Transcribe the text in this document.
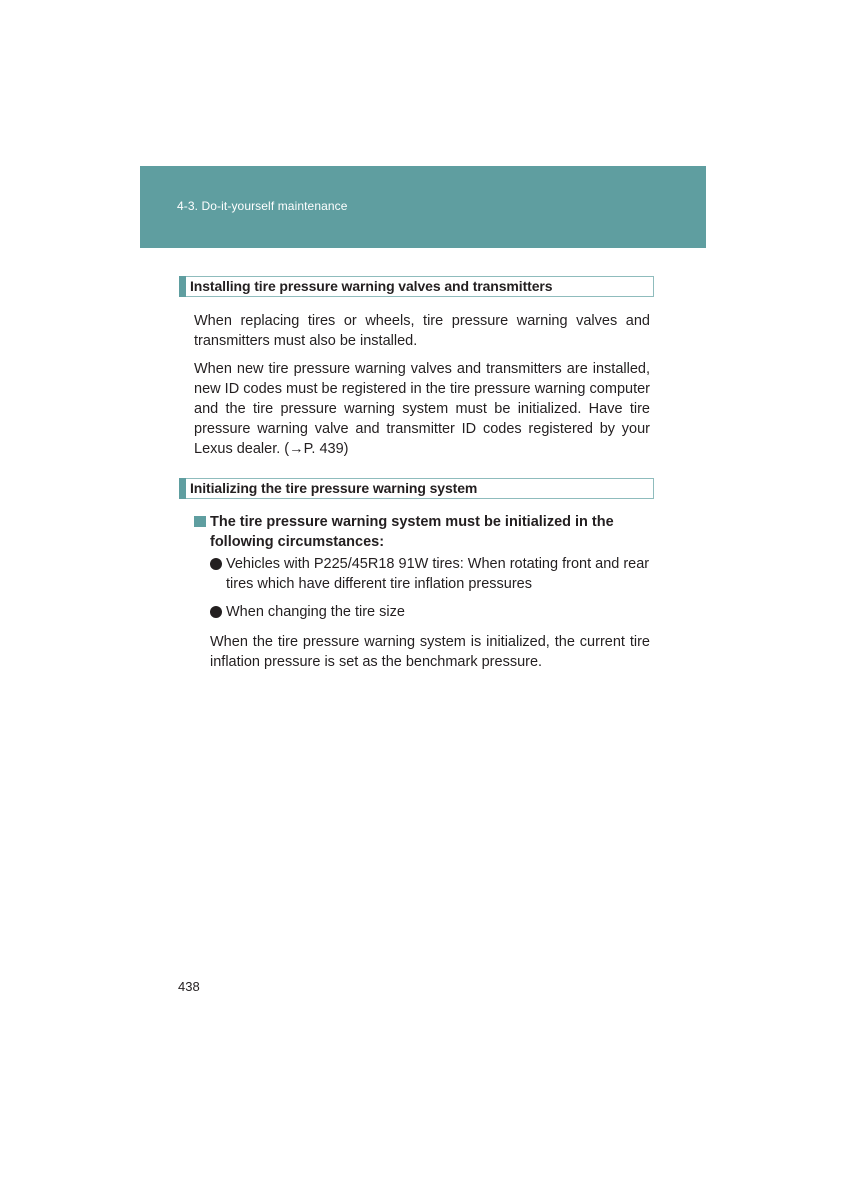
4-3. Do-it-yourself maintenance
Installing tire pressure warning valves and transmitters

When replacing tires or wheels, tire pressure warning valves and transmitters must also be installed.

When new tire pressure warning valves and transmitters are installed, new ID codes must be registered in the tire pressure warning computer and the tire pressure warning system must be initialized. Have tire pressure warning valve and transmitter ID codes registered by your Lexus dealer. (→P. 439)

Initializing the tire pressure warning system
The tire pressure warning system must be initialized in the following circumstances:
Vehicles with P225/45R18 91W tires: When rotating front and rear tires which have different tire inflation pressures
When changing the tire size

When the tire pressure warning system is initialized, the current tire inflation pressure is set as the benchmark pressure.

438
